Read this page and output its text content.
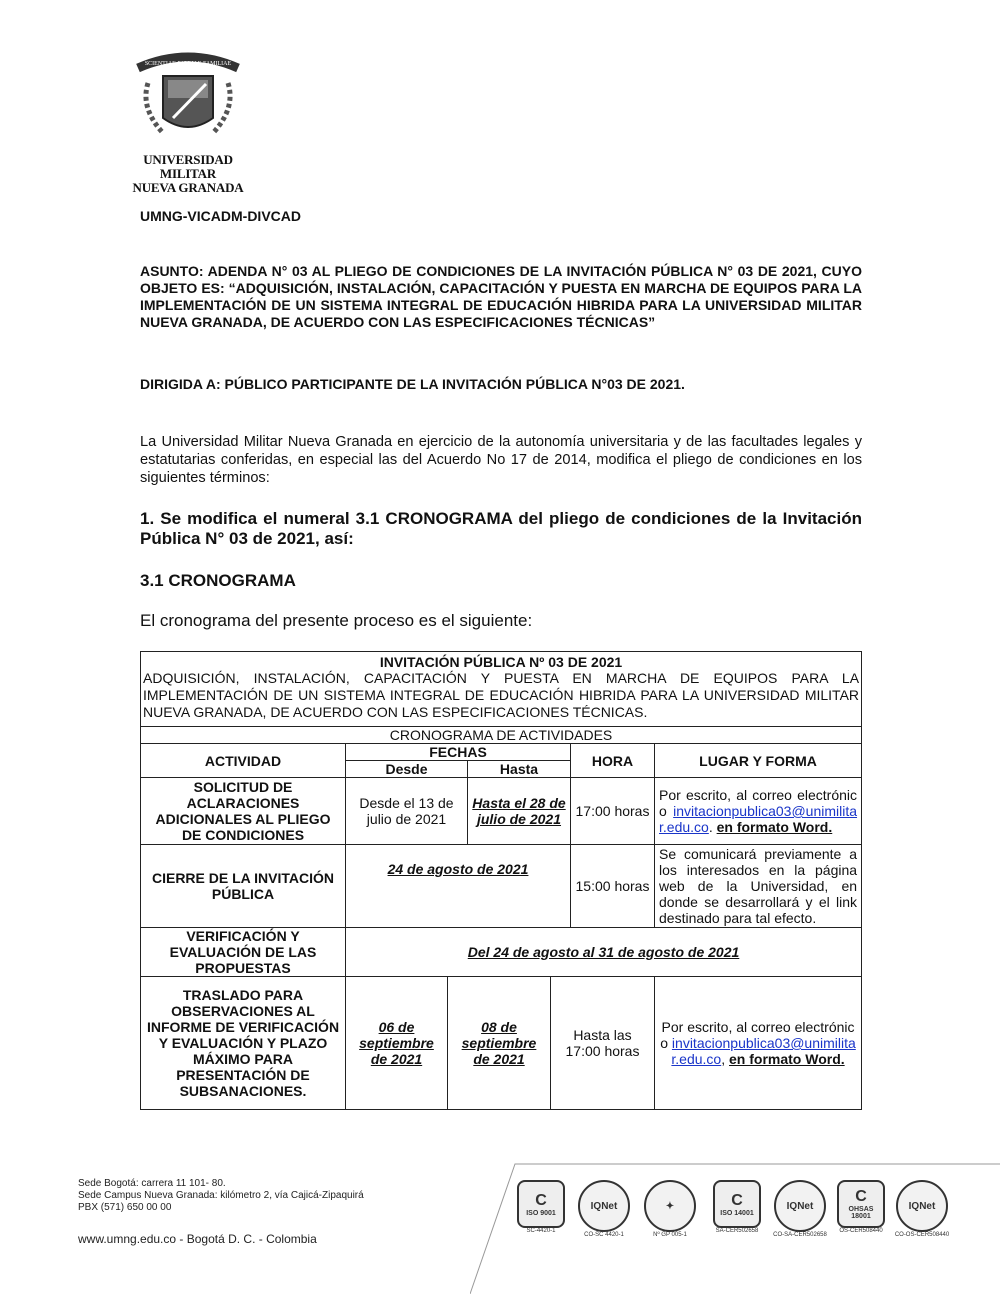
SCIENTIAE PATRIAE FAMILIAE
UNIVERSIDAD MILITAR
NUEVA GRANADA
UMNG-VICADM-DIVCAD
ASUNTO: ADENDA N° 03 AL PLIEGO DE CONDICIONES DE LA INVITACIÓN PÚBLICA N° 03 DE 2021, CUYO OBJETO ES: “ADQUISICIÓN, INSTALACIÓN, CAPACITACIÓN Y PUESTA EN MARCHA DE EQUIPOS PARA LA IMPLEMENTACIÓN DE UN SISTEMA INTEGRAL DE EDUCACIÓN HIBRIDA PARA LA UNIVERSIDAD MILITAR NUEVA GRANADA, DE ACUERDO CON LAS ESPECIFICACIONES TÉCNICAS”
DIRIGIDA A: PÚBLICO PARTICIPANTE DE LA INVITACIÓN PÚBLICA N°03 DE 2021.
La Universidad Militar Nueva Granada en ejercicio de la autonomía universitaria y de las facultades legales y estatutarias conferidas, en especial las del Acuerdo No 17 de 2014, modifica el pliego de condiciones en los siguientes términos:
1. Se modifica el numeral 3.1 CRONOGRAMA del pliego de condiciones de la Invitación Pública N° 03 de 2021, así:
3.1 CRONOGRAMA
El cronograma del presente proceso es el siguiente:
INVITACIÓN PÚBLICA Nº 03 DE 2021
ADQUISICIÓN, INSTALACIÓN, CAPACITACIÓN Y PUESTA EN MARCHA DE EQUIPOS PARA LA IMPLEMENTACIÓN DE UN SISTEMA INTEGRAL DE EDUCACIÓN HIBRIDA PARA LA UNIVERSIDAD MILITAR NUEVA GRANADA, DE ACUERDO CON LAS ESPECIFICACIONES TÉCNICAS.						

CRONOGRAMA DE ACTIVIDADES						
ACTIVIDAD	FECHAS				HORA	LUGAR Y FORMA
	Desde		Hasta			
SOLICITUD DE ACLARACIONES ADICIONALES AL PLIEGO DE CONDICIONES	Desde el 13 de julio de 2021		Hasta el 28 de julio de 2021		17:00 horas	Por escrito, al correo electrónico invitacionpublica03@unimilitar.edu.co. en formato Word.
CIERRE DE LA INVITACIÓN PÚBLICA	24 de agosto de 2021				15:00 horas	Se comunicará previamente a los interesados en la página web de la Universidad, en donde se desarrollará y el link destinado para tal efecto.
VERIFICACIÓN Y EVALUACIÓN DE LAS PROPUESTAS	Del 24 de agosto al 31 de agosto de 2021					
TRASLADO PARA OBSERVACIONES AL INFORME DE VERIFICACIÓN Y EVALUACIÓN Y PLAZO MÁXIMO PARA PRESENTACIÓN DE SUBSANACIONES.	06 de septiembre de 2021	08 de septiembre de 2021		Hasta las 17:00 horas		Por escrito, al correo electrónico invitacionpublica03@unimilitar.edu.co, en formato Word.
Sede Bogotá: carrera 11 101- 80.
Sede Campus Nueva Granada: kilómetro 2, vía Cajicá-Zipaquirá
PBX (571) 650 00 00
www.umng.edu.co - Bogotá D. C. - Colombia
C
ISO 9001
SC-4420-1
IQNet
CO-SC 4420-1
✦
Nº GP 005-1
C
ISO 14001
SA-CER502658
IQNet
CO-SA-CER502658
C
OHSAS 18001
OS-CER508440
IQNet
CO-OS-CER508440
